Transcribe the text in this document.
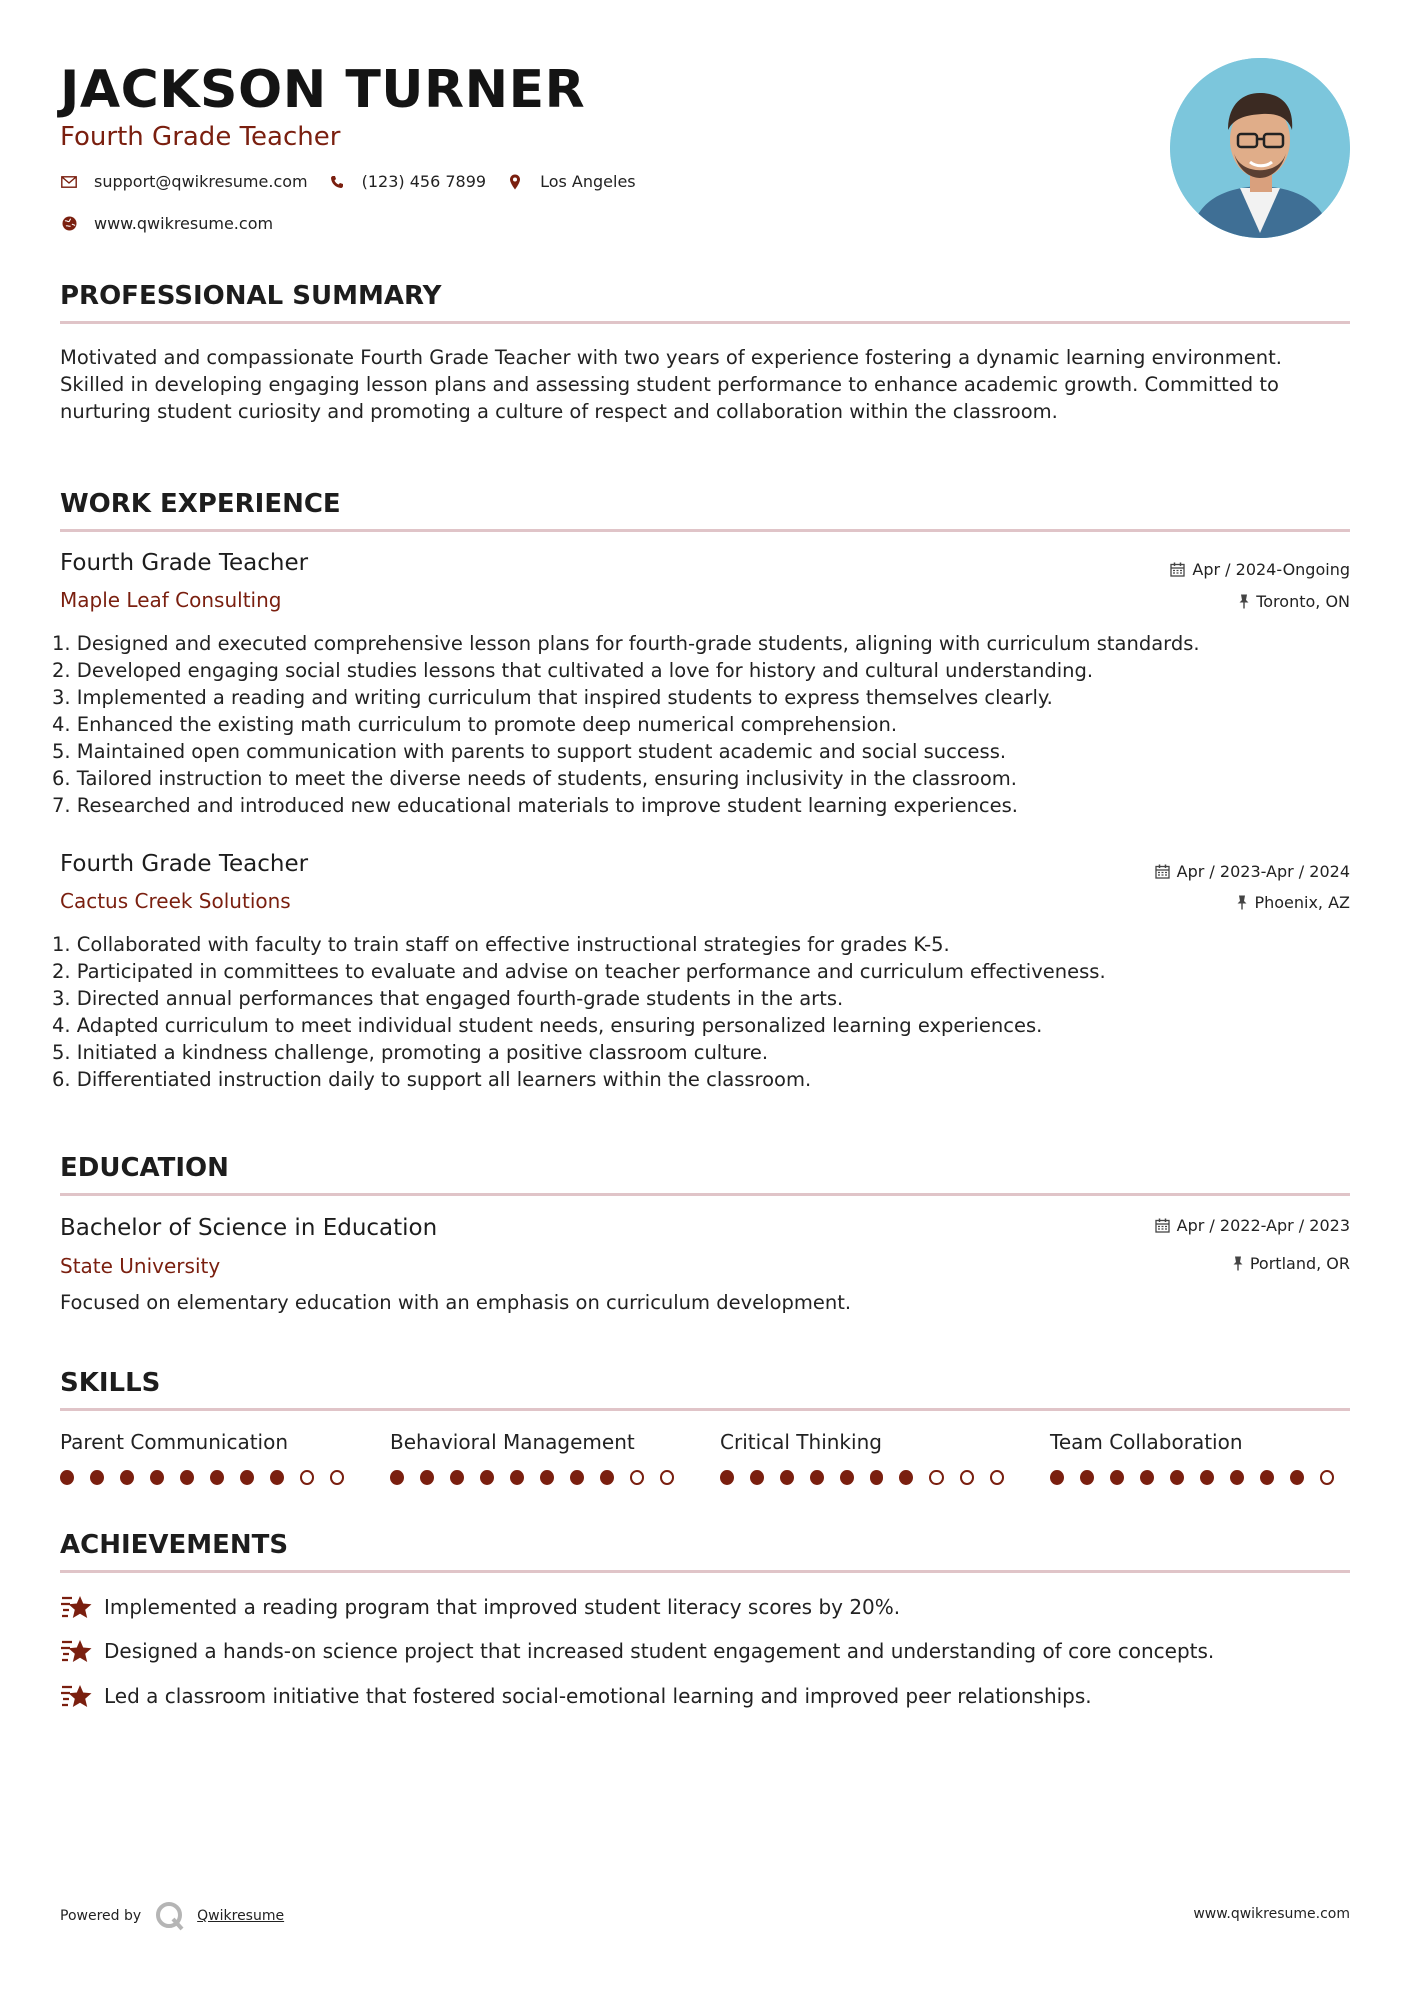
JACKSON TURNER
Fourth Grade Teacher
support@qwikresume.com	(123) 456 7899	Los Angeles
www.qwikresume.com
PROFESSIONAL SUMMARY
Motivated and compassionate Fourth Grade Teacher with two years of experience fostering a dynamic learning environment. Skilled in developing engaging lesson plans and assessing student performance to enhance academic growth. Committed to nurturing student curiosity and promoting a culture of respect and collaboration within the classroom.
WORK EXPERIENCE
Fourth Grade Teacher
Maple Leaf Consulting
Apr / 2024-Ongoing
Toronto, ON
1. Designed and executed comprehensive lesson plans for fourth-grade students, aligning with curriculum standards.
2. Developed engaging social studies lessons that cultivated a love for history and cultural understanding.
3. Implemented a reading and writing curriculum that inspired students to express themselves clearly.
4. Enhanced the existing math curriculum to promote deep numerical comprehension.
5. Maintained open communication with parents to support student academic and social success.
6. Tailored instruction to meet the diverse needs of students, ensuring inclusivity in the classroom.
7. Researched and introduced new educational materials to improve student learning experiences.
Fourth Grade Teacher
Cactus Creek Solutions
Apr / 2023-Apr / 2024
Phoenix, AZ
1. Collaborated with faculty to train staff on effective instructional strategies for grades K-5.
2. Participated in committees to evaluate and advise on teacher performance and curriculum effectiveness.
3. Directed annual performances that engaged fourth-grade students in the arts.
4. Adapted curriculum to meet individual student needs, ensuring personalized learning experiences.
5. Initiated a kindness challenge, promoting a positive classroom culture.
6. Differentiated instruction daily to support all learners within the classroom.
EDUCATION
Bachelor of Science in Education
State University
Apr / 2022-Apr / 2023
Portland, OR
Focused on elementary education with an emphasis on curriculum development.
SKILLS
Parent Communication	Behavioral Management	Critical Thinking	Team Collaboration
ACHIEVEMENTS
Implemented a reading program that improved student literacy scores by 20%.
Designed a hands-on science project that increased student engagement and understanding of core concepts.
Led a classroom initiative that fostered social-emotional learning and improved peer relationships.
Powered by	Qwikresume	www.qwikresume.com
